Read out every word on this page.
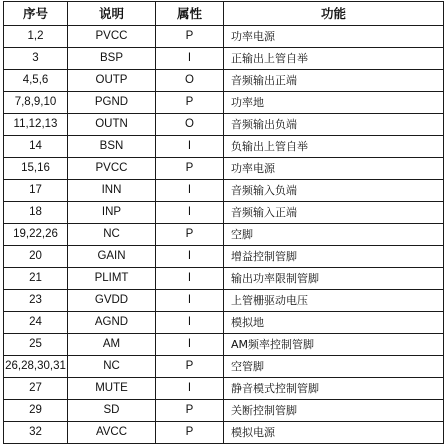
序号	说明	属性	功能
1,2	PVCC	P	功率电源
3	BSP	I	正输出上管自举
4,5,6	OUTP	O	音频输出正端
7,8,9,10	PGND	P	功率地
11,12,13	OUTN	O	音频输出负端
14	BSN	I	负输出上管自举
15,16	PVCC	P	功率电源
17	INN	I	音频输入负端
18	INP	I	音频输入正端
19,22,26	NC	P	空脚
20	GAIN	I	增益控制管脚
21	PLIMT	I	输出功率限制管脚
23	GVDD	I	上管栅驱动电压
24	AGND	I	模拟地
25	AM	I	AM频率控制管脚
26,28,30,31	NC	P	空管脚
27	MUTE	I	静音模式控制管脚
29	SD	P	关断控制管脚
32	AVCC	P	模拟电源
